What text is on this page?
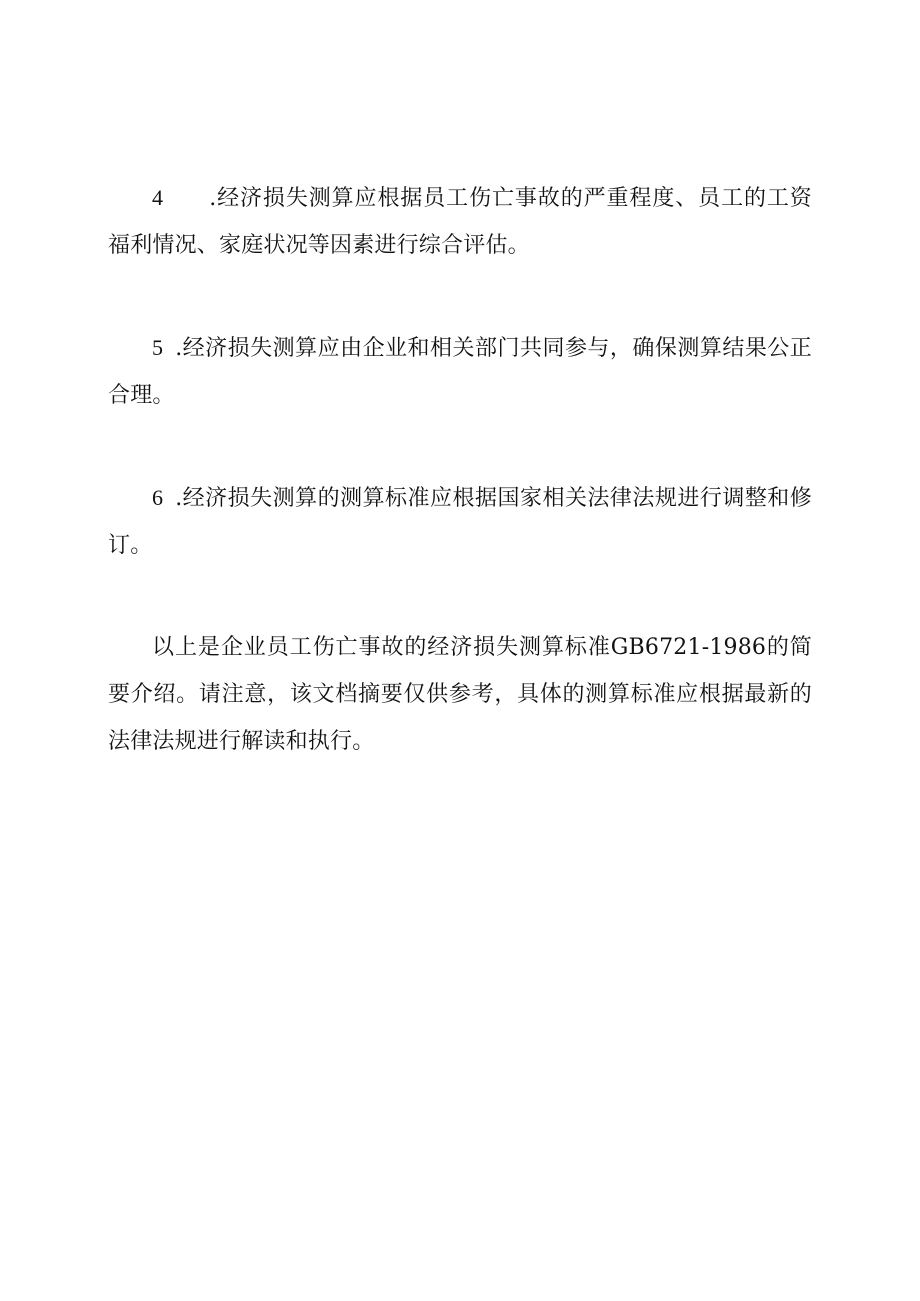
4 .经济损失测算应根据员工伤亡事故的严重程度、员工的工资福利情况、家庭状况等因素进行综合评估。

5 .经济损失测算应由企业和相关部门共同参与，确保测算结果公正合理。

6 .经济损失测算的测算标准应根据国家相关法律法规进行调整和修订。

以上是企业员工伤亡事故的经济损失测算标准GB6721-1986的简要介绍。请注意，该文档摘要仅供参考，具体的测算标准应根据最新的法律法规进行解读和执行。
